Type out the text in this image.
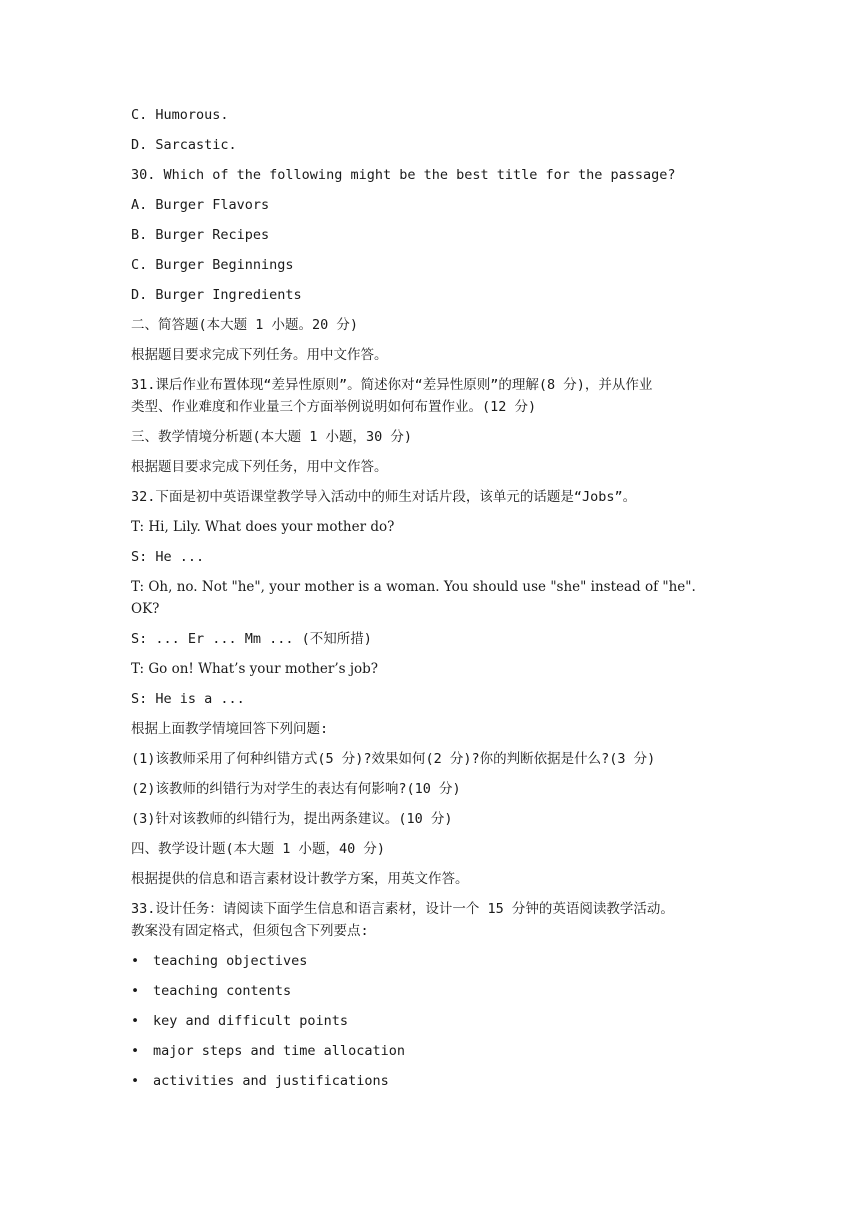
C. Humorous.
D. Sarcastic.
30. Which of the following might be the best title for the passage?
A. Burger Flavors
B. Burger Recipes
C. Burger Beginnings
D. Burger Ingredients
二、简答题(本大题 1 小题。20 分)
根据题目要求完成下列任务。用中文作答。
31.课后作业布置体现“差异性原则”。简述你对“差异性原则”的理解(8 分)，并从作业
类型、作业难度和作业量三个方面举例说明如何布置作业。(12 分)
三、教学情境分析题(本大题 1 小题，30 分)
根据题目要求完成下列任务，用中文作答。
32.下面是初中英语课堂教学导入活动中的师生对话片段，该单元的话题是“Jobs”。
T: Hi, Lily. What does your mother do?
S: He ...
T: Oh, no. Not "he", your mother is a woman. You should use "she" instead of "he".
OK?
S: ... Er ... Mm ... (不知所措)
T: Go on! What’s your mother’s job?
S: He is a ...
根据上面教学情境回答下列问题:
(1)该教师采用了何种纠错方式(5 分)?效果如何(2 分)?你的判断依据是什么?(3 分)
(2)该教师的纠错行为对学生的表达有何影响?(10 分)
(3)针对该教师的纠错行为，提出两条建议。(10 分)
四、教学设计题(本大题 1 小题，40 分)
根据提供的信息和语言素材设计教学方案，用英文作答。
33.设计任务：请阅读下面学生信息和语言素材，设计一个 15 分钟的英语阅读教学活动。
教案没有固定格式，但须包含下列要点:
•	teaching objectives
•	teaching contents
•	key and difficult points
•	major steps and time allocation
•	activities and justifications
